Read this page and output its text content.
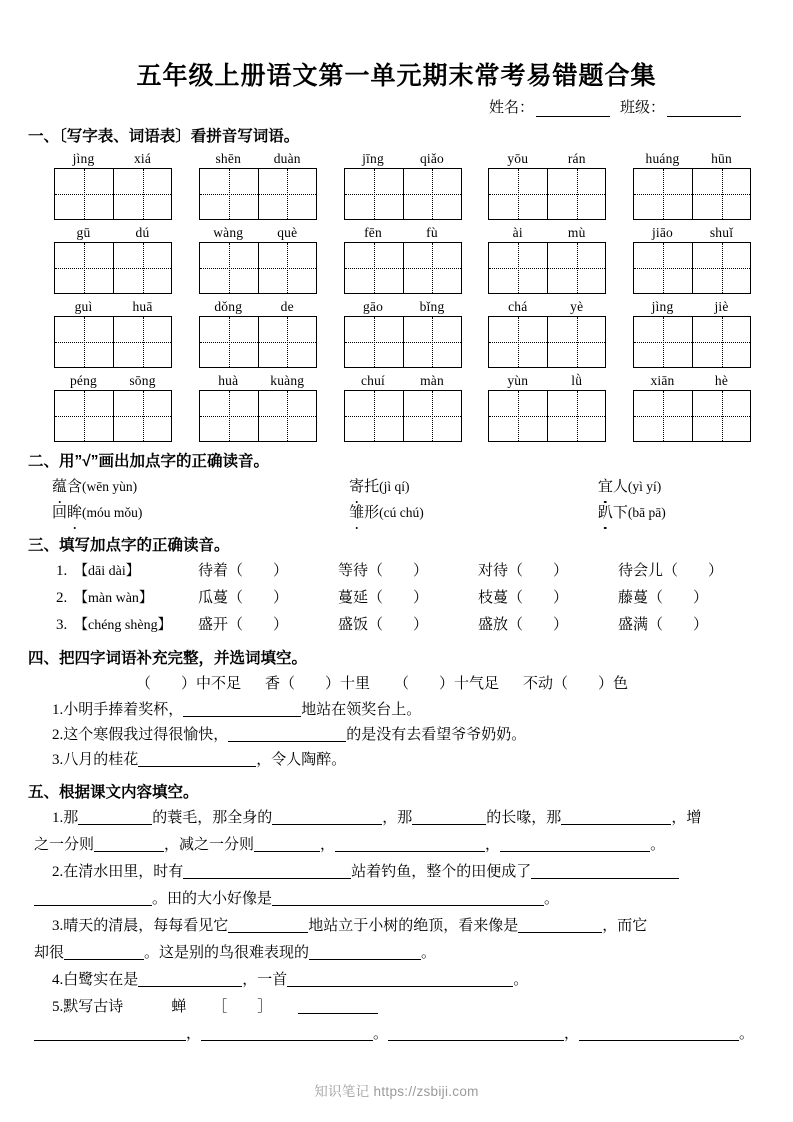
五年级上册语文第一单元期末常考易错题合集
姓名：	班级：
一、〔写字表、词语表〕看拼音写词语。
jìng	xiá	shēn	duàn	jīng	qiǎo	yōu	rán	huáng	hūn
gū	dú	wàng	què	fēn	fù	ài	mù	jiāo	shuǐ
guì	huā	dǒng	de	gāo	bǐng	chá	yè	jìng	jiè
péng	sōng	huà	kuàng	chuí	màn	yùn	lǜ	xiān	hè
二、用”√”画出加点字的正确读音。
蕴含(wēn yùn)	寄托(jì qí)	宜人(yì yí)
回眸(móu mǒu)	雏形(cú chú)	趴下(bā pā)
三、填写加点字的正确读音。
1. 【dāi dài】	待着（　　）	等待（　　）	对待（　　）	待会儿（　　）
2. 【màn wàn】	瓜蔓（　　）	蔓延（　　）	枝蔓（　　）	藤蔓（　　）
3. 【chéng shèng】	盛开（　　）	盛饭（　　）	盛放（　　）	盛满（　　）
四、把四字词语补充完整，并选词填空。
（　　）中不足 香（　　）十里 （　　）十气足 不动（　　）色
1.小明手捧着奖杯，	地站在领奖台上。
2.这个寒假我过得很愉快，	的是没有去看望爷爷奶奶。
3.八月的桂花	，令人陶醉。
五、根据课文内容填空。
1.那	的蓑毛，那全身的	，那	的长喙，那	，增
之一分则	，减之一分则	，	，	。
2.在清水田里，时有	站着钓鱼，整个的田便成了
。田的大小好像是	。
3.晴天的清晨，每每看见它	地站立于小树的绝顶，看来像是	，而它
却很	。这是别的鸟很难表现的	。
4.白鹭实在是	，一首	。
5.默写古诗	蝉 ［　　］
，	。	，	。
知识笔记 https://zsbiji.com
